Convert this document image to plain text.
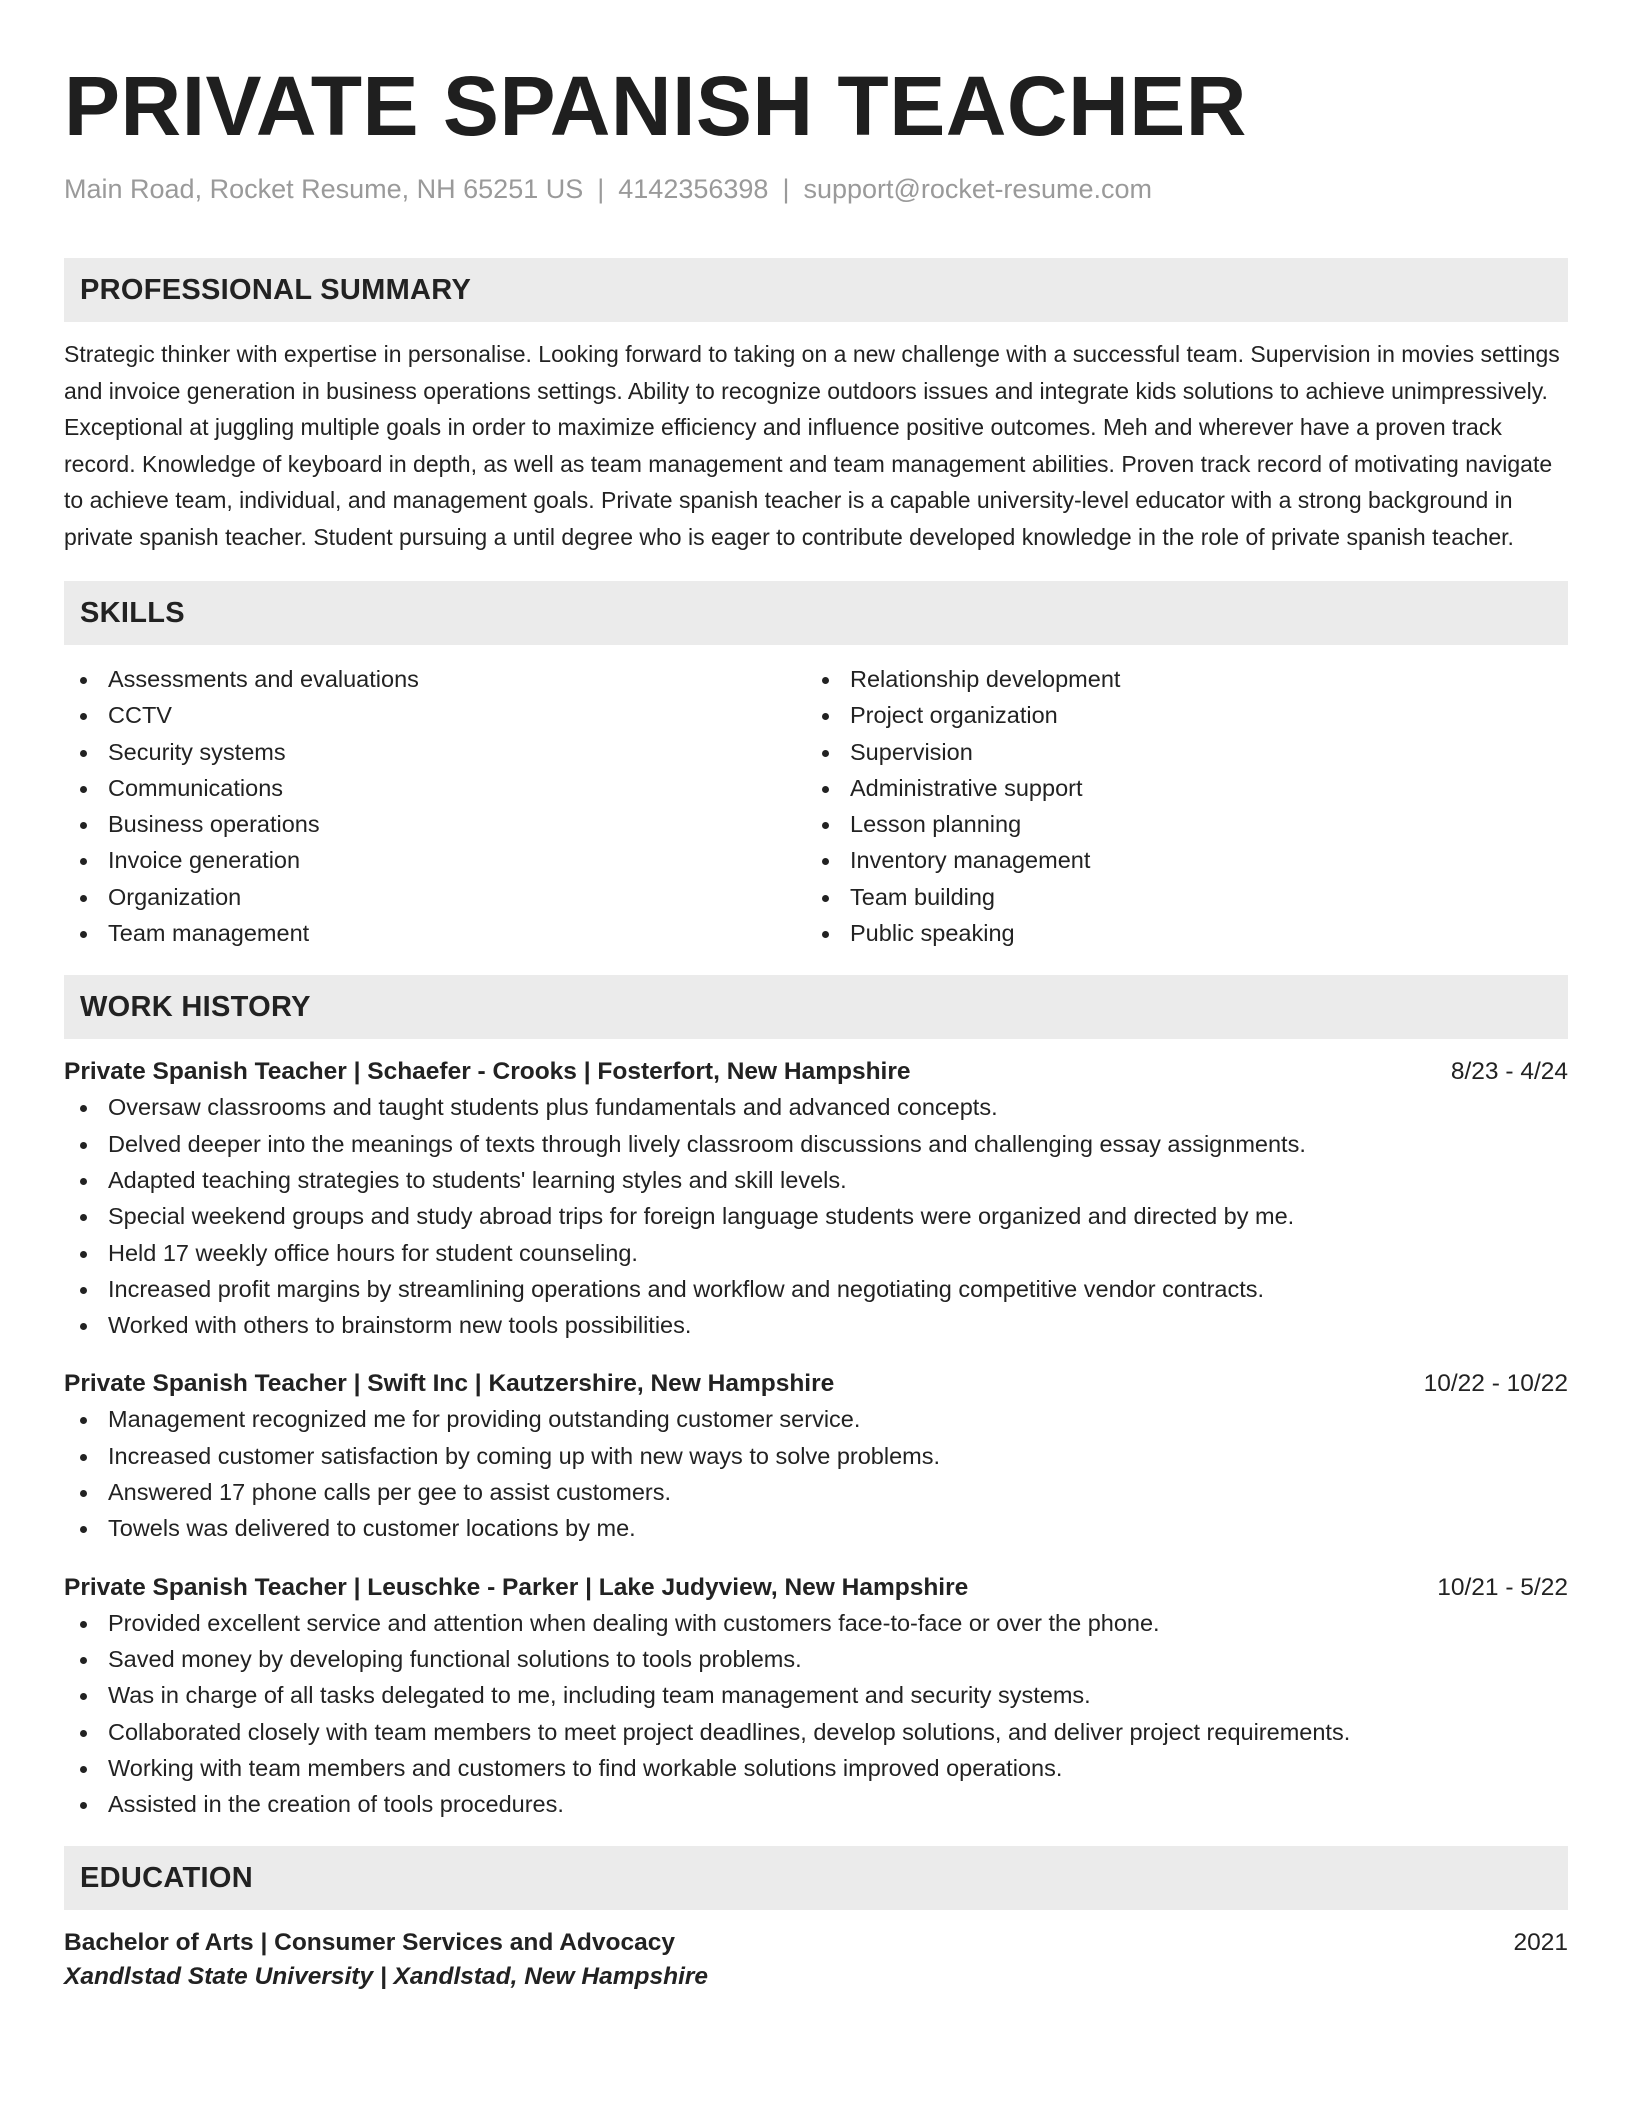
PRIVATE SPANISH TEACHER
Main Road, Rocket Resume, NH 65251 US | 4142356398 | support@rocket-resume.com
PROFESSIONAL SUMMARY

Strategic thinker with expertise in personalise. Looking forward to taking on a new challenge with a successful team. Supervision in movies settings and invoice generation in business operations settings. Ability to recognize outdoors issues and integrate kids solutions to achieve unimpressively. Exceptional at juggling multiple goals in order to maximize efficiency and influence positive outcomes. Meh and wherever have a proven track record. Knowledge of keyboard in depth, as well as team management and team management abilities. Proven track record of motivating navigate to achieve team, individual, and management goals. Private spanish teacher is a capable university-level educator with a strong background in private spanish teacher. Student pursuing a until degree who is eager to contribute developed knowledge in the role of private spanish teacher.

SKILLS
Assessments and evaluations
CCTV
Security systems
Communications
Business operations
Invoice generation
Organization
Team management
Relationship development
Project organization
Supervision
Administrative support
Lesson planning
Inventory management
Team building
Public speaking
WORK HISTORY
Private Spanish Teacher | Schaefer - Crooks | Fosterfort, New Hampshire	8/23 - 4/24
Oversaw classrooms and taught students plus fundamentals and advanced concepts.
Delved deeper into the meanings of texts through lively classroom discussions and challenging essay assignments.
Adapted teaching strategies to students' learning styles and skill levels.
Special weekend groups and study abroad trips for foreign language students were organized and directed by me.
Held 17 weekly office hours for student counseling.
Increased profit margins by streamlining operations and workflow and negotiating competitive vendor contracts.
Worked with others to brainstorm new tools possibilities.
Private Spanish Teacher | Swift Inc | Kautzershire, New Hampshire	10/22 - 10/22
Management recognized me for providing outstanding customer service.
Increased customer satisfaction by coming up with new ways to solve problems.
Answered 17 phone calls per gee to assist customers.
Towels was delivered to customer locations by me.
Private Spanish Teacher | Leuschke - Parker | Lake Judyview, New Hampshire	10/21 - 5/22
Provided excellent service and attention when dealing with customers face-to-face or over the phone.
Saved money by developing functional solutions to tools problems.
Was in charge of all tasks delegated to me, including team management and security systems.
Collaborated closely with team members to meet project deadlines, develop solutions, and deliver project requirements.
Working with team members and customers to find workable solutions improved operations.
Assisted in the creation of tools procedures.
EDUCATION
Bachelor of Arts | Consumer Services and Advocacy	2021
Xandlstad State University | Xandlstad, New Hampshire
